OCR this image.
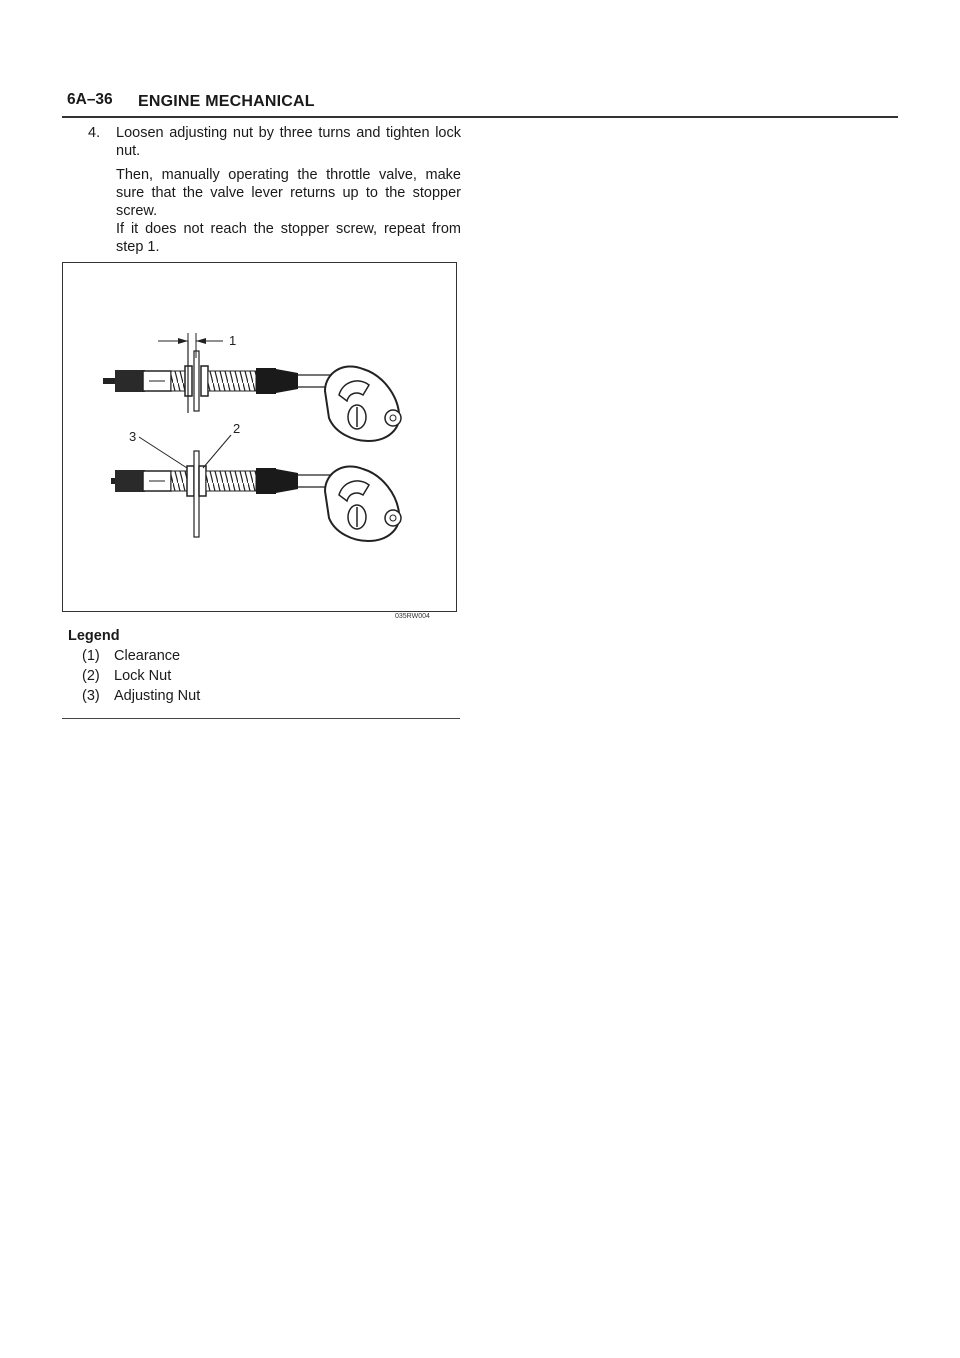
6A–36 ENGINE MECHANICAL
4. Loosen adjusting nut by three turns and tighten lock nut.

Then, manually operating the throttle valve, make sure that the valve lever returns up to the stopper screw.

If it does not reach the stopper screw, repeat from step 1.

1
3
2
035RW004
Legend
(1) Clearance
(2) Lock Nut
(3) Adjusting Nut
